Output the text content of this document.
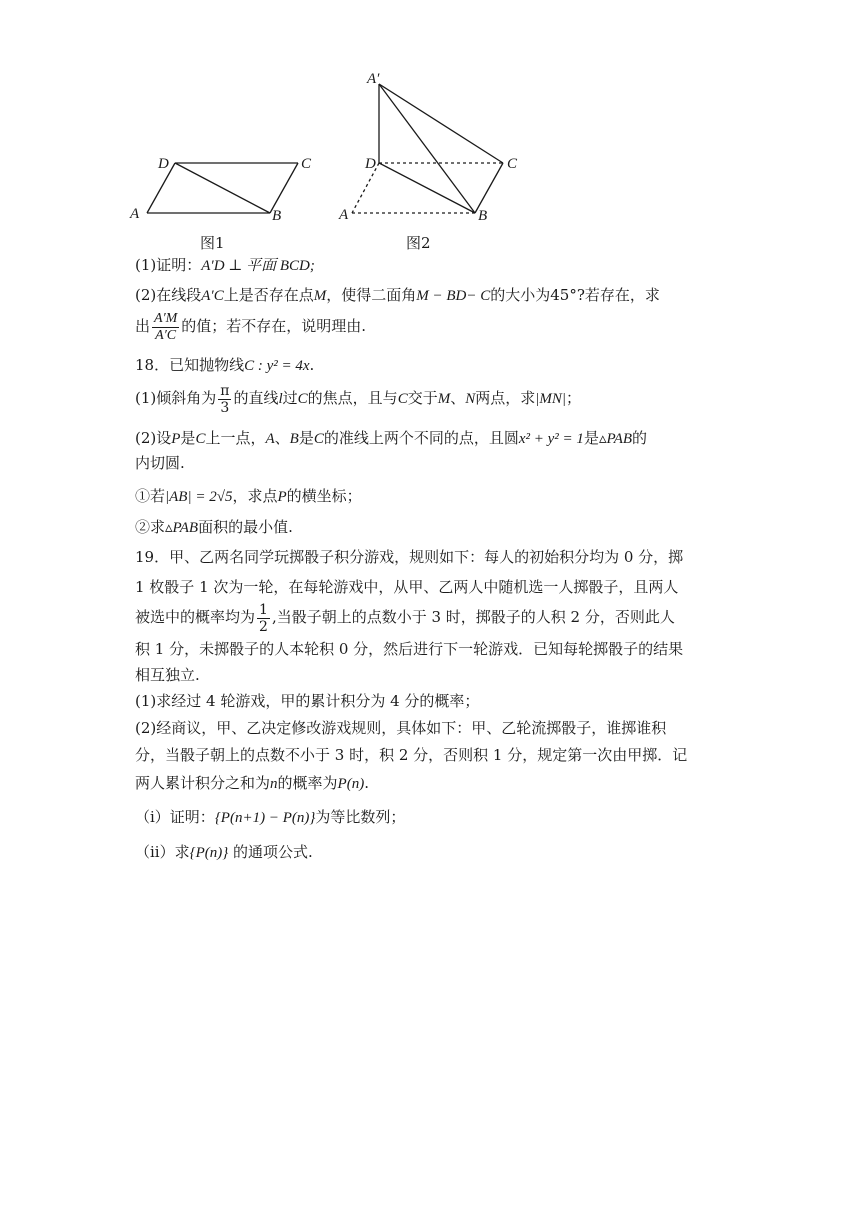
A	B
C
D
A′
D	C
A	B
图1	图2
(1)证明：A′D ⊥ 平面 BCD;
(2)在线段A′C上是否存在点M，使得二面角M − BD− C的大小为45°?若存在，求
出 $\frac{A'M}{A'C}$ 的值；若不存在，说明理由.
18．已知抛物线C : y² = 4x.
(1)倾斜角为 $\frac{\pi}{3}$ 的直线l过C的焦点，且与C交于M、N两点，求|MN|；
(2)设P是C上一点，A、B是C的准线上两个不同的点，且圆x² + y² = 1是▵PAB的
内切圆.
①若|AB| = 2√5，求点P的横坐标；
②求▵PAB面积的最小值.
19．甲、乙两名同学玩掷骰子积分游戏，规则如下：每人的初始积分均为 0 分，掷
1 枚骰子 1 次为一轮，在每轮游戏中，从甲、乙两人中随机选一人掷骰子，且两人
被选中的概率均为 $\frac{1}{2}$ ,当骰子朝上的点数小于 3 时，掷骰子的人积 2 分，否则此人
积 1 分，未掷骰子的人本轮积 0 分，然后进行下一轮游戏．已知每轮掷骰子的结果
相互独立.
(1)求经过 4 轮游戏，甲的累计积分为 4 分的概率；
(2)经商议，甲、乙决定修改游戏规则，具体如下：甲、乙轮流掷骰子，谁掷谁积
分，当骰子朝上的点数不小于 3 时，积 2 分，否则积 1 分，规定第一次由甲掷．记
两人累计积分之和为n的概率为P(n).
（i）证明：{P(n+1) − P(n)}为等比数列；
（ii）求{P(n)} 的通项公式.
